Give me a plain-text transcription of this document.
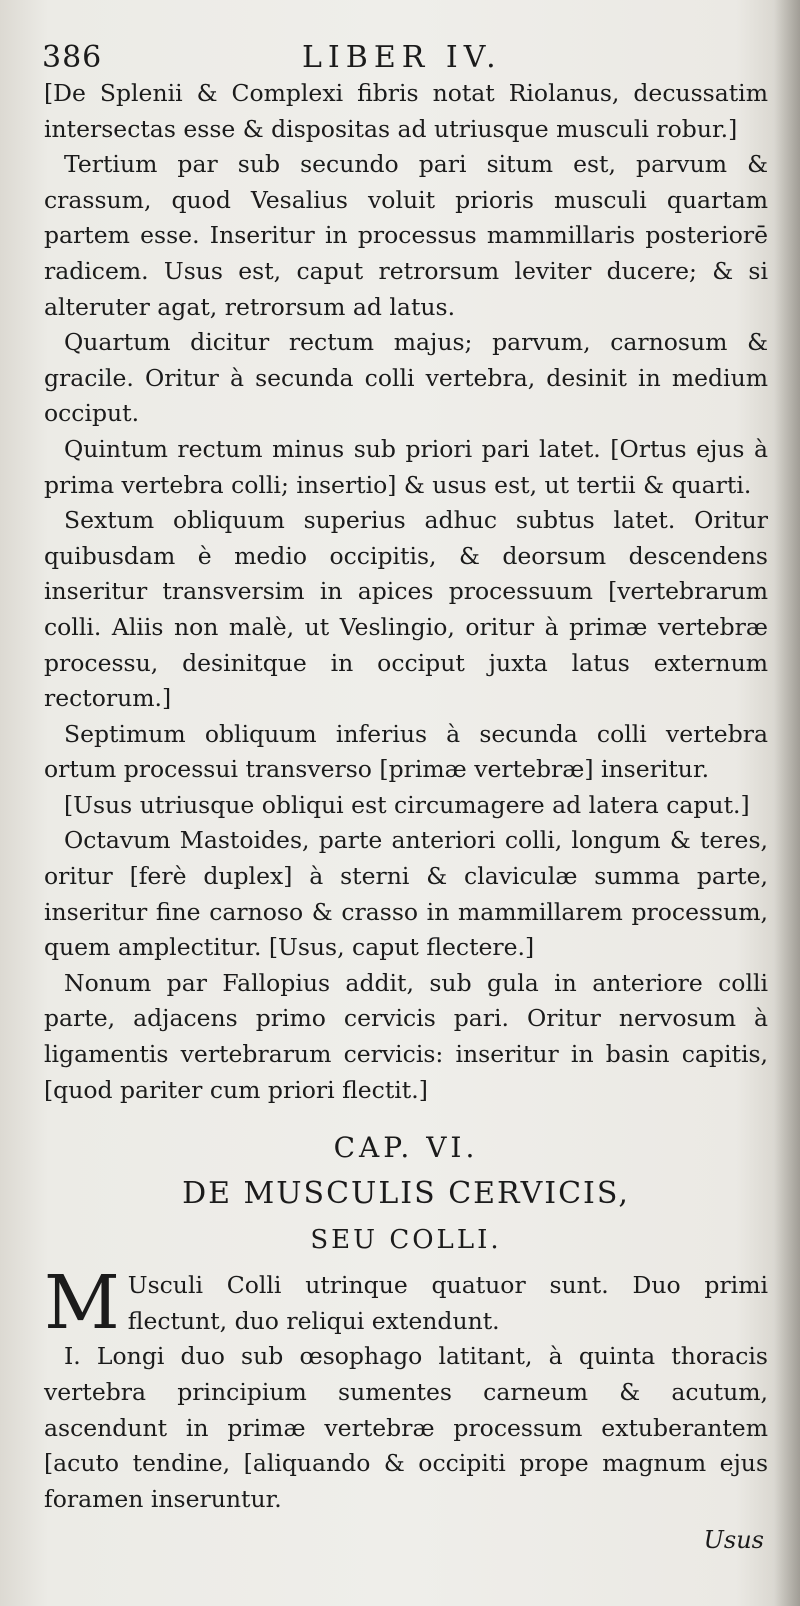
386	LIBER IV.

[De Splenii & Complexi fibris notat Riolanus, decussatim intersectas esse & dispositas ad utriusque musculi robur.]

Tertium par sub secundo pari situm est, parvum & crassum, quod Vesalius voluit prioris musculi quartam partem esse. Inseritur in processus mammillaris posteriorē radicem. Usus est, caput retrorsum leviter ducere; & si alteruter agat, retrorsum ad latus.

Quartum dicitur rectum majus; parvum, carnosum & gracile. Oritur à secunda colli vertebra, desinit in medium occiput.

Quintum rectum minus sub priori pari latet. [Ortus ejus à prima vertebra colli; insertio] & usus est, ut tertii & quarti.

Sextum obliquum superius adhuc subtus latet. Oritur quibusdam è medio occipitis, & deorsum descendens inseritur transversim in apices processuum [vertebrarum colli. Aliis non malè, ut Veslingio, oritur à primæ vertebræ processu, desinitque in occiput juxta latus externum rectorum.]

Septimum obliquum inferius à secunda colli vertebra ortum processui transverso [primæ vertebræ] inseritur.

[Usus utriusque obliqui est circumagere ad latera caput.]

Octavum Mastoides, parte anteriori colli, longum & teres, oritur [ferè duplex] à sterni & claviculæ summa parte, inseritur fine carnoso & crasso in mammillarem processum, quem amplectitur. [Usus, caput flectere.]

Nonum par Fallopius addit, sub gula in anteriore colli parte, adjacens primo cervicis pari. Oritur nervosum à ligamentis vertebrarum cervicis: inseritur in basin capitis, [quod pariter cum priori flectit.]

CAP. VI.
DE MUSCULIS CERVICIS,
SEU COLLI.

M Usculi Colli utrinque quatuor sunt. Duo primi flectunt, duo reliqui extendunt.

I. Longi duo sub œsophago latitant, à quinta thoracis vertebra principium sumentes carneum & acutum, ascendunt in primæ vertebræ processum extuberantem [acuto tendine, [aliquando & occipiti prope magnum ejus foramen inseruntur.

Usus
